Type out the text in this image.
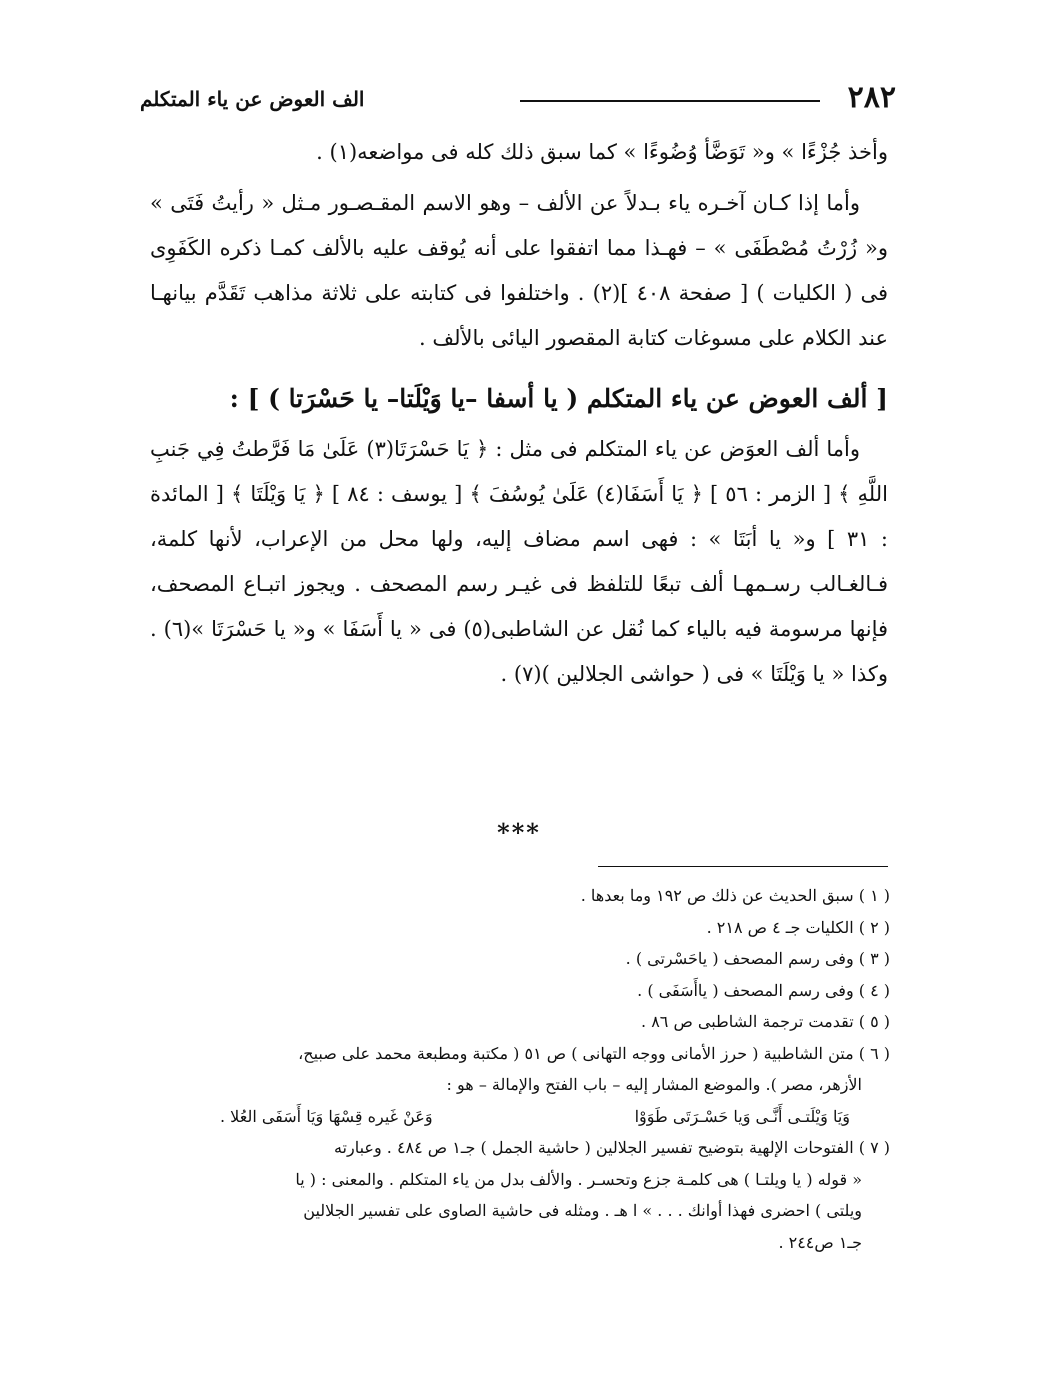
٢٨٢
الف العوض عن ياء المتكلم

وأخذ جُزْءًا » و« تَوَضَّأ وُضُوءًا » كما سبق ذلك كله فى مواضعه(١) .

وأما إذا كـان آخـره ياء بـدلاً عن الألف – وهو الاسم المقـصـور مـثل « رأيتُ فَتَى » و« زُرْتُ مُصْطَفَى » – فهـذا مما اتفقوا على أنه يُوقف عليه بالألف كمـا ذكره الكَفَوِى فى ( الكليات ) [ صفحة ٤٠٨ ](٢) . واختلفوا فى كتابته على ثلاثة مذاهب تَقَدَّم بيانهـا عند الكلام على مسوغات كتابة المقصور اليائى بالألف .

[ ألف العوض عن ياء المتكلم ( يا أسفا –يا وَيْلَتا– يا حَسْرَتا ) ] :

وأما ألف العوَض عن ياء المتكلم فى مثل : ﴿ يَا حَسْرَتَا(٣) عَلَىٰ مَا فَرَّطتُ فِي جَنبِ اللَّهِ ﴾ [ الزمر : ٥٦ ] ﴿ يَا أَسَفَا(٤) عَلَىٰ يُوسُفَ ﴾ [ يوسف : ٨٤ ] ﴿ يَا وَيْلَتَا ﴾ [ المائدة : ٣١ ] و« يا أبَتَا » : فهى اسم مضاف إليه، ولها محل من الإعراب، لأنها كلمة، فـالغـالب رسـمهـا ألف تبعًا للتلفظ فى غيـر رسم المصحف . ويجوز اتبـاع المصحف، فإنها مرسومة فيه بالياء كما نُقل عن الشاطبى(٥) فى « يا أَسَفَا » و« يا حَسْرَتَا »(٦) . وكذا « يا وَيْلَتَا » فى ( حواشى الجلالين )(٧) .

***

( ١ ) سبق الحديث عن ذلك ص ١٩٢ وما بعدها .

( ٢ ) الكليات جـ ٤ ص ٢١٨ .

( ٣ ) وفى رسم المصحف ( ياحَسْرتى ) .

( ٤ ) وفى رسم المصحف ( ياأَسَفَى ) .

( ٥ ) تقدمت ترجمة الشاطبى ص ٨٦ .

( ٦ ) متن الشاطبية ( حرز الأمانى ووجه التهانى ) ص ٥١ ( مكتبة ومطبعة محمد على صبيح،
الأزهر، مصر ). والموضع المشار إليه – باب الفتح والإمالة – هو :
وَيَا وَيْلَتـى أَنَّـى وَيا حَسْـرَتَى طَوَوْا
وَعَنْ غَيره قِسْهَا وَيَا أَسَفَى العُلا .
( ٧ ) الفتوحات الإلهية بتوضيح تفسير الجلالين ( حاشية الجمل ) جـ١ ص ٤٨٤ . وعبارته
« قوله ( يا ويلتـا ) هى كلمـة جزع وتحسـر . والألف بدل من ياء المتكلم . والمعنى : ( يا
ويلتى ) احضرى فهذا أوانك . . . » ا هـ . ومثله فى حاشية الصاوى على تفسير الجلالين
جـ١ ص٢٤٤ .
